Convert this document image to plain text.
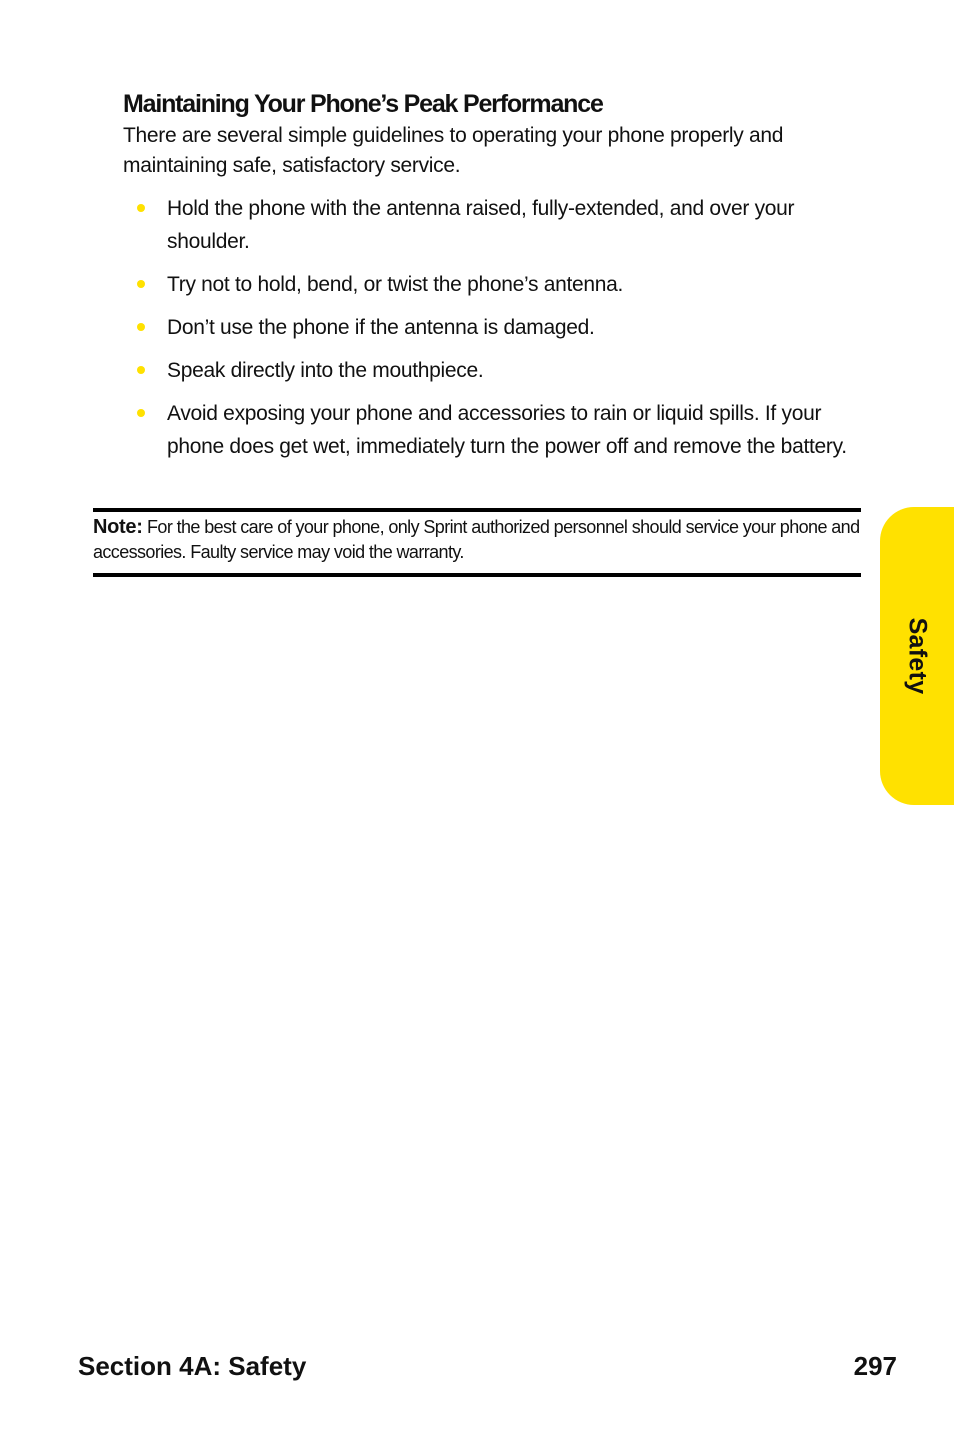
Maintaining Your Phone’s Peak Performance

There are several simple guidelines to operating your phone properly and maintaining safe, satisfactory service.

Hold the phone with the antenna raised, fully-extended, and over your shoulder.
Try not to hold, bend, or twist the phone’s antenna.
Don’t use the phone if the antenna is damaged.
Speak directly into the mouthpiece.
Avoid exposing your phone and accessories to rain or liquid spills. If your phone does get wet, immediately turn the power off and remove the battery.

Note: For the best care of your phone, only Sprint authorized personnel should service your phone and accessories. Faulty service may void the warranty.

Safety
Section 4A: Safety	297
